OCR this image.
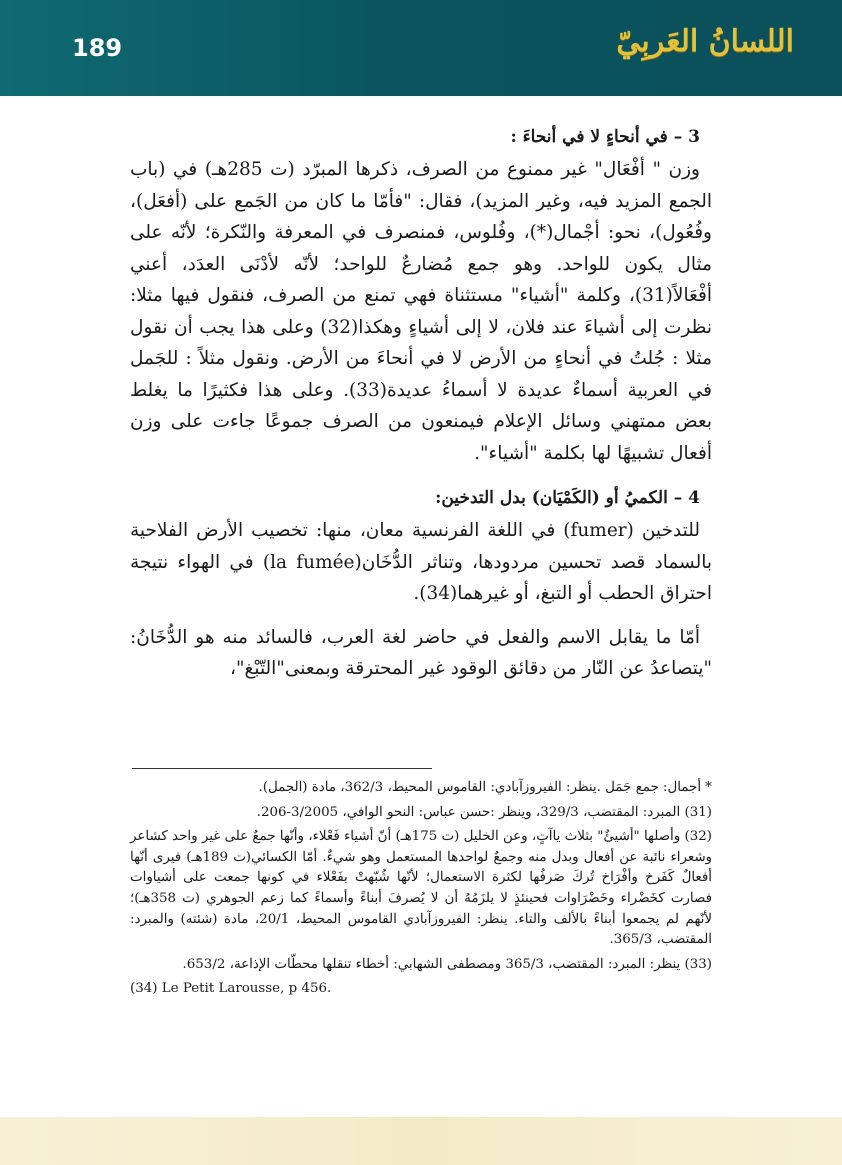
189	اللسانُ العَربِيّ

3 – في أنحاءٍ لا في أنحاءَ :

وزن " أفْعَال" غير ممنوع من الصرف، ذكرها المبرّد (ت 285هـ) في (باب الجمع المزيد فيه، وغير المزيد)، فقال: "فأمّا ما كان من الجَمع على (أفعَل)، وفُعُول)، نحو: أجْمال(*)، وفُلوس، فمنصرف في المعرفة والنّكرة؛ لأنّه على مثال يكون للواحد. وهو جمع مُضارعٌ للواحد؛ لأنّه لأدْنَى العدَد، أعني أفْعَالاً(31)، وكلمة "أشياء" مستثناة فهي تمنع من الصرف، فنقول فيها مثلا: نظرت إلى أشياءَ عند فلان، لا إلى أشياءٍ وهكذا(32) وعلى هذا يجب أن نقول مثلا : جُلتُ في أنحاءٍ من الأرض لا في أنحاءَ من الأرض. ونقول مثلاً : للجَمل في العربية أسماءٌ عديدة لا أسماءُ عديدة(33). وعلى هذا فكثيرًا ما يغلط بعض ممتهني وسائل الإعلام فيمنعون من الصرف جموعًا جاءت على وزن أفعال تشبيهًا لها بكلمة "أشياء".

4 – الكميُ أو (الكَمْيَان) بدل التدخين:

للتدخين (fumer) في اللغة الفرنسية معان، منها: تخصيب الأرض الفلاحية بالسماد قصد تحسين مردودها، وتناثر الدُّخَان(la fumée) في الهواء نتيجة احتراق الحطب أو التبغ، أو غيرهما(34).

أمّا ما يقابل الاسم والفعل في حاضر لغة العرب، فالسائد منه هو الدُّخَانُ: "يتصاعدُ عن النّار من دقائق الوقود غير المحترقة وبمعنى"التّبْغ"،

* أجمال: جمع جَمَل .ينظر: الفيروزآبادي: القاموس المحيط، 362/3، مادة (الجمل).

(31) المبرد: المقتضب، 329/3، وينظر :حسن عباس: النحو الوافي، 3/2005-206.

(32) وأصلها "أشيئٌ" بثلاث ياآتٍ، وعن الخليل (ت 175هـ) أنّ أشياء فَعْلاء، وأنّها جمعٌ على غير واحد كشاعر وشعراء نائبة عن أفعال وبدل منه وجمعٌ لواحدها المستعمل وهو شيءٌ. أمّا الكسائي(ت 189هـ) فيرى أنّها أفعالٌ كَفَرخ وأفْرَاخ تُركَ صَرفُها لكثرة الاستعمال؛ لأنّها شُبّهتْ بفَعْلاء في كونها جمعت على أشياوات فصارت كخَضْراء وخَضْرَاوات فحينئذٍ لا يلزَمُهُ أن لا يُصرفَ أبناءً وأسماءً كما زعم الجوهري (ت 358هـ)؛ لأنّهم لم يجمعوا أبناءً بالألف والتاء. ينظر: الفيروزآبادي القاموس المحيط، 20/1، مادة (شئته) والمبرد: المقتضب، 365/3.

(33) ينظر: المبرد: المقتضب، 365/3 ومصطفى الشهابي: أخطاء تنقلها محطّات الإذاعة، 653/2.

(34) Le Petit Larousse, p 456.
